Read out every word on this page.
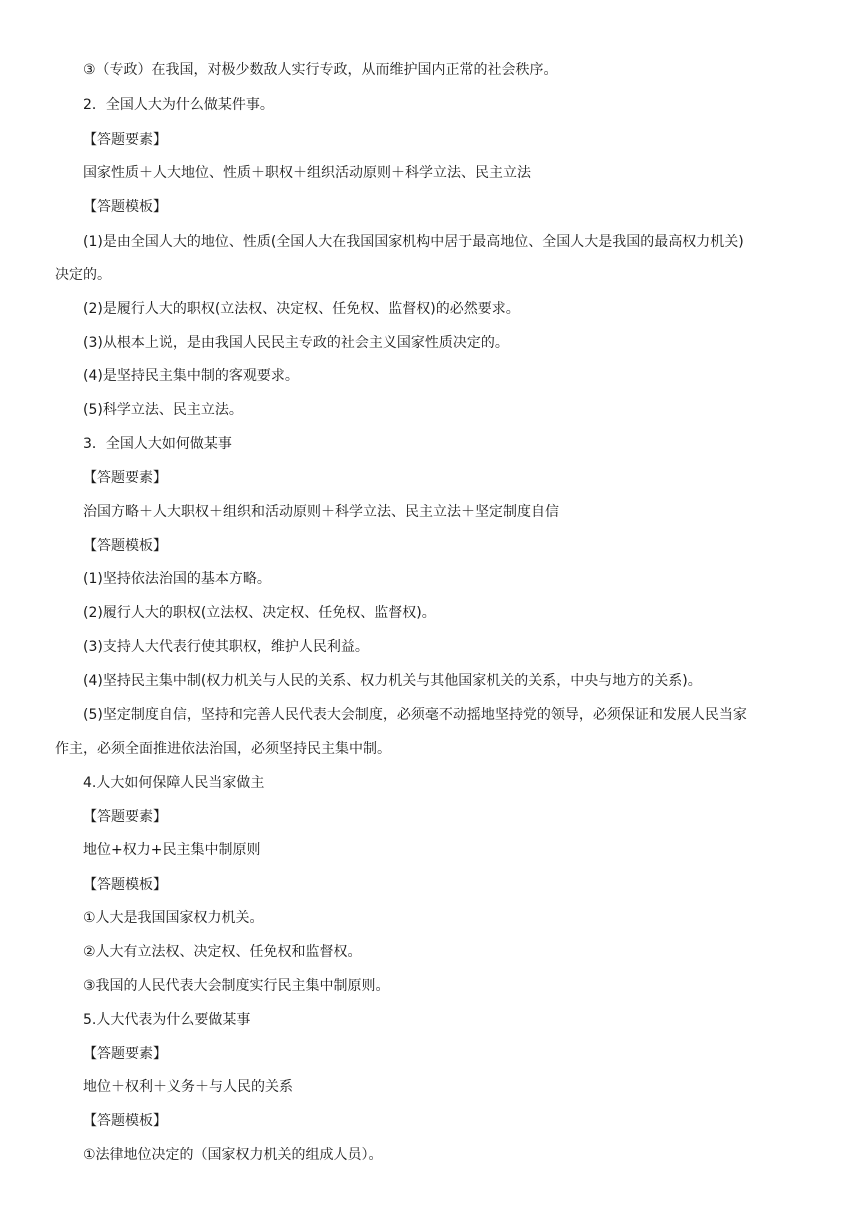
③（专政）在我国，对极少数敌人实行专政，从而维护国内正常的社会秩序。
2．全国人大为什么做某件事。
【答题要素】
国家性质＋人大地位、性质＋职权＋组织活动原则＋科学立法、民主立法
【答题模板】
(1)是由全国人大的地位、性质(全国人大在我国国家机构中居于最高地位、全国人大是我国的最高权力机关)
决定的。
(2)是履行人大的职权(立法权、决定权、任免权、监督权)的必然要求。
(3)从根本上说，是由我国人民民主专政的社会主义国家性质决定的。
(4)是坚持民主集中制的客观要求。
(5)科学立法、民主立法。
3．全国人大如何做某事
【答题要素】
治国方略＋人大职权＋组织和活动原则＋科学立法、民主立法＋坚定制度自信
【答题模板】
(1)坚持依法治国的基本方略。
(2)履行人大的职权(立法权、决定权、任免权、监督权)。
(3)支持人大代表行使其职权，维护人民利益。
(4)坚持民主集中制(权力机关与人民的关系、权力机关与其他国家机关的关系，中央与地方的关系)。
(5)坚定制度自信，坚持和完善人民代表大会制度，必须毫不动摇地坚持党的领导，必须保证和发展人民当家
作主，必须全面推进依法治国，必须坚持民主集中制。
4.人大如何保障人民当家做主
【答题要素】
地位+权力+民主集中制原则
【答题模板】
①人大是我国国家权力机关。
②人大有立法权、决定权、任免权和监督权。
③我国的人民代表大会制度实行民主集中制原则。
5.人大代表为什么要做某事
【答题要素】
地位＋权利＋义务＋与人民的关系
【答题模板】
①法律地位决定的（国家权力机关的组成人员）。
